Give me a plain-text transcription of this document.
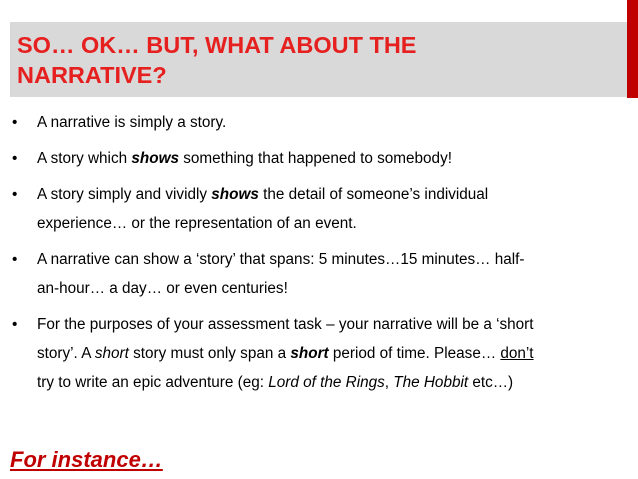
SO… OK… BUT, WHAT ABOUT THE
NARRATIVE?
• A narrative is simply a story.
• A story which shows something that happened to somebody!
• A story simply and vividly shows the detail of someone’s individual
experience… or the representation of an event.
• A narrative can show a ‘story’ that spans: 5 minutes…15 minutes… half-
an-hour… a day… or even centuries!
• For the purposes of your assessment task – your narrative will be a ‘short
story’. A short story must only span a short period of time. Please… don’t
try to write an epic adventure (eg: Lord of the Rings, The Hobbit etc…)
For instance…
